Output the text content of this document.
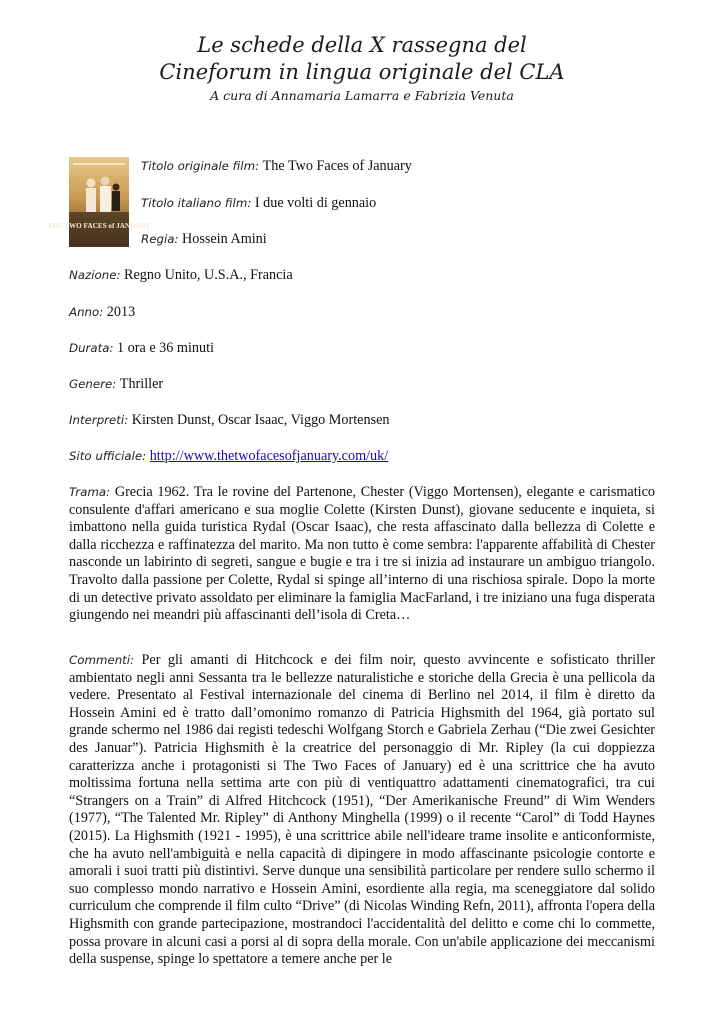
Le schede della X rassegna del
Cineforum in lingua originale del CLA
A cura di Annamaria Lamarra e Fabrizia Venuta
THE TWO FACES of JANUARY
Titolo originale film: The Two Faces of January
Titolo italiano film: I due volti di gennaio
Regia: Hossein Amini
Nazione: Regno Unito, U.S.A., Francia
Anno: 2013
Durata: 1 ora e 36 minuti
Genere: Thriller
Interpreti: Kirsten Dunst, Oscar Isaac, Viggo Mortensen
Sito ufficiale: http://www.thetwofacesofjanuary.com/uk/

Trama: Grecia 1962. Tra le rovine del Partenone, Chester (Viggo Mortensen), elegante e carismatico consulente d'affari americano e sua moglie Colette (Kirsten Dunst), giovane seducente e inquieta, si imbattono nella guida turistica Rydal (Oscar Isaac), che resta affascinato dalla bellezza di Colette e dalla ricchezza e raffinatezza del marito. Ma non tutto è come sembra: l'apparente affabilità di Chester nasconde un labirinto di segreti, sangue e bugie e tra i tre si inizia ad instaurare un ambiguo triangolo. Travolto dalla passione per Colette, Rydal si spinge all’interno di una rischiosa spirale. Dopo la morte di un detective privato assoldato per eliminare la famiglia MacFarland, i tre iniziano una fuga disperata giungendo nei meandri più affascinanti dell’isola di Creta…

Commenti: Per gli amanti di Hitchcock e dei film noir, questo avvincente e sofisticato thriller ambientato negli anni Sessanta tra le bellezze naturalistiche e storiche della Grecia è una pellicola da vedere. Presentato al Festival internazionale del cinema di Berlino nel 2014, il film è diretto da Hossein Amini ed è tratto dall’omonimo romanzo di Patricia Highsmith del 1964, già portato sul grande schermo nel 1986 dai registi tedeschi Wolfgang Storch e Gabriela Zerhau (“Die zwei Gesichter des Januar”). Patricia Highsmith è la creatrice del personaggio di Mr. Ripley (la cui doppiezza caratterizza anche i protagonisti si The Two Faces of January) ed è una scrittrice che ha avuto moltissima fortuna nella settima arte con più di ventiquattro adattamenti cinematografici, tra cui “Strangers on a Train” di Alfred Hitchcock (1951), “Der Amerikanische Freund” di Wim Wenders (1977), “The Talented Mr. Ripley” di Anthony Minghella (1999) o il recente “Carol” di Todd Haynes (2015). La Highsmith (1921 - 1995), è una scrittrice abile nell'ideare trame insolite e anticonformiste, che ha avuto nell'ambiguità e nella capacità di dipingere in modo affascinante psicologie contorte e amorali i suoi tratti più distintivi. Serve dunque una sensibilità particolare per rendere sullo schermo il suo complesso mondo narrativo e Hossein Amini, esordiente alla regia, ma sceneggiatore dal solido curriculum che comprende il film culto “Drive” (di Nicolas Winding Refn, 2011), affronta l'opera della Highsmith con grande partecipazione, mostrandoci l'accidentalità del delitto e come chi lo commette, possa provare in alcuni casi a porsi al di sopra della morale. Con un'abile applicazione dei meccanismi della suspense, spinge lo spettatore a temere anche per le
